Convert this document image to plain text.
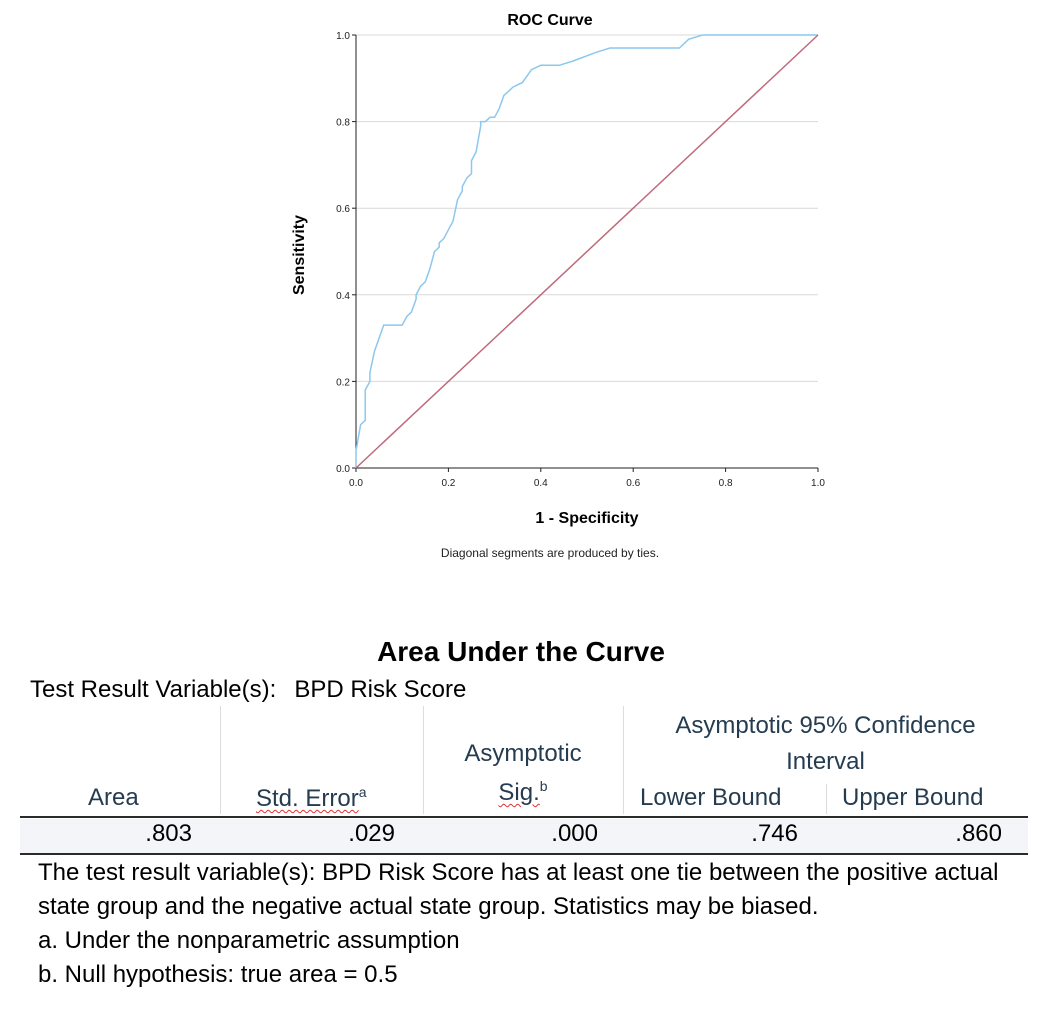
ROC Curve
0.0	0.2	0.4	0.6	0.8	1.0
0.0
0.2
0.4
0.6
0.8
1.0
1 - Specificity
Sensitivity
Diagonal segments are produced by ties.
Area Under the Curve
Test Result Variable(s): BPD Risk Score
Area	Std. Error$^a$
Asymptotic
Sig.$^b$
Asymptotic 95% Confidence
Interval
Lower Bound	Upper Bound
.803	.029	.000	.746	.860

The test result variable(s): BPD Risk Score has at least one tie between the positive actual state group and the negative actual state group. Statistics may be biased.

a. Under the nonparametric assumption

b. Null hypothesis: true area = 0.5
